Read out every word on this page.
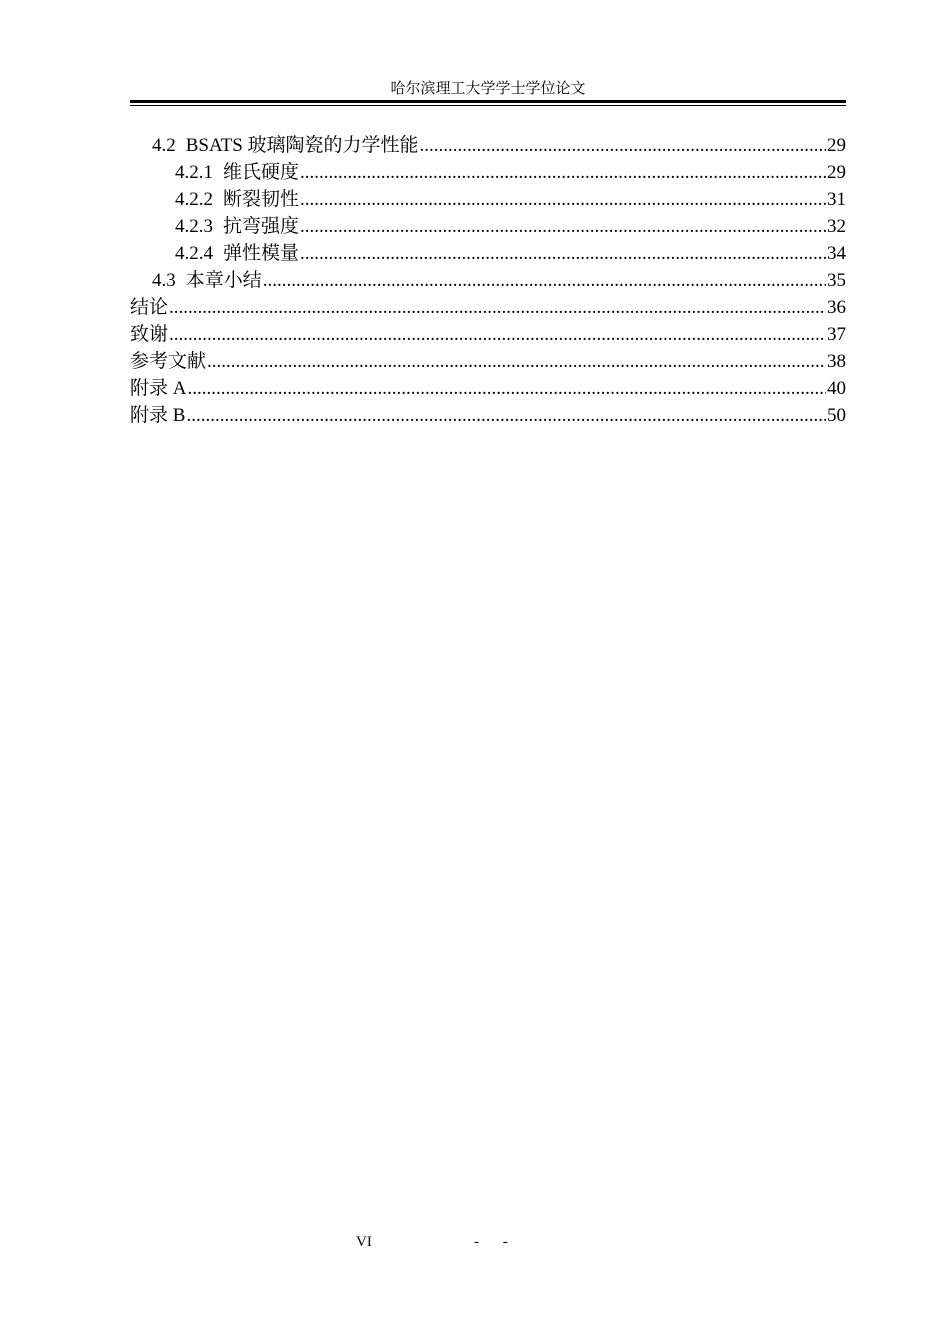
哈尔滨理工大学学士学位论文
4.2 BSATS 玻璃陶瓷的力学性能 .....	29
4.2.1 维氏硬度 .....	29
4.2.2 断裂韧性 .....	31
4.2.3 抗弯强度 .....	32
4.2.4 弹性模量 .....	34
4.3 本章小结 .....	35
结论 .....	36
致谢 .....	37
参考文献 .....	38
附录 A .....	40
附录 B .....	50
VI	- -
